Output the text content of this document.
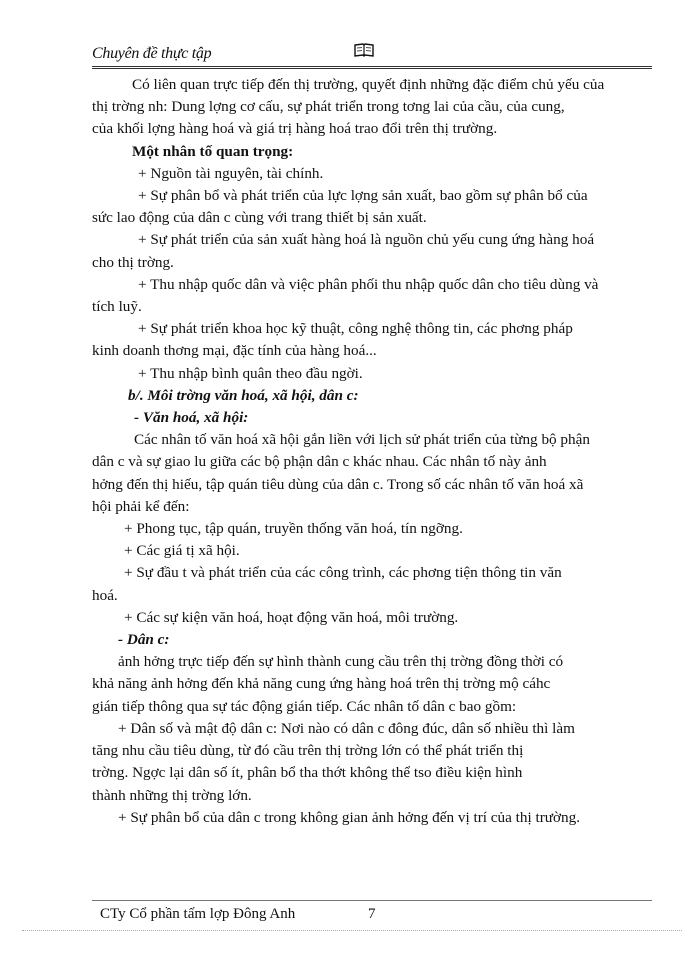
Chuyên đề thực tập

Có liên quan trực tiếp đến thị trường, quyết định những đặc điểm chủ yếu của

thị trờng nh: Dung lợng cơ cấu, sự phát triển trong tơng lai của cầu, của cung,

của khối lợng hàng hoá và giá trị hàng hoá trao đổi trên thị trường.

Một nhân tố quan trọng:

+ Nguồn tài nguyên, tài chính.

+ Sự phân bổ và phát triển của lực lợng sản xuất, bao gồm sự phân bổ của

sức lao động của dân c cùng với trang thiết bị sản xuất.

+ Sự phát triển của sản xuất hàng hoá là nguồn chủ yếu cung ứng hàng hoá

cho thị trờng.

+ Thu nhập quốc dân và việc phân phối thu nhập quốc dân cho tiêu dùng và

tích luỹ.

+ Sự phát triển khoa học kỹ thuật, công nghệ thông tin, các phơng pháp

kinh doanh thơng mại, đặc tính của hàng hoá...

+ Thu nhập bình quân theo đầu ngời.

b/. Môi trờng văn hoá, xã hội, dân c:

- Văn hoá, xã hội:

Các nhân tố văn hoá xã hội gắn liền với lịch sử phát triển của từng bộ phận

dân c và sự giao lu giữa các bộ phận dân c khác nhau. Các nhân tố này ảnh

hởng đến thị hiếu, tập quán tiêu dùng của dân c. Trong số các nhân tố văn hoá xã

hội phải kể đến:

+ Phong tục, tập quán, truyền thống văn hoá, tín ngỡng.

+ Các giá tị xã hội.

+ Sự đầu t và phát triển của các công trình, các phơng tiện thông tin văn

hoá.

+ Các sự kiện văn hoá, hoạt động văn hoá, môi trường.

- Dân c:

ảnh hởng trực tiếp đến sự hình thành cung cầu trên thị trờng đồng thời có

khả năng ảnh hởng đến khả năng cung ứng hàng hoá trên thị trờng mộ cáhc

gián tiếp thông qua sự tác động gián tiếp. Các nhân tố dân c bao gồm:

+ Dân số và mật độ dân c: Nơi nào có dân c đông đúc, dân số nhiều thì làm

tăng nhu cầu tiêu dùng, từ đó cầu trên thị trờng lớn có thể phát triển thị

trờng. Ngợc lại dân số ít, phân bổ tha thớt không thể tso điều kiện hình

thành những thị trờng lớn.

+ Sự phân bổ của dân c trong không gian ảnh hởng đến vị trí của thị trường.

CTy Cổ phần tấm lợp Đông Anh	7
